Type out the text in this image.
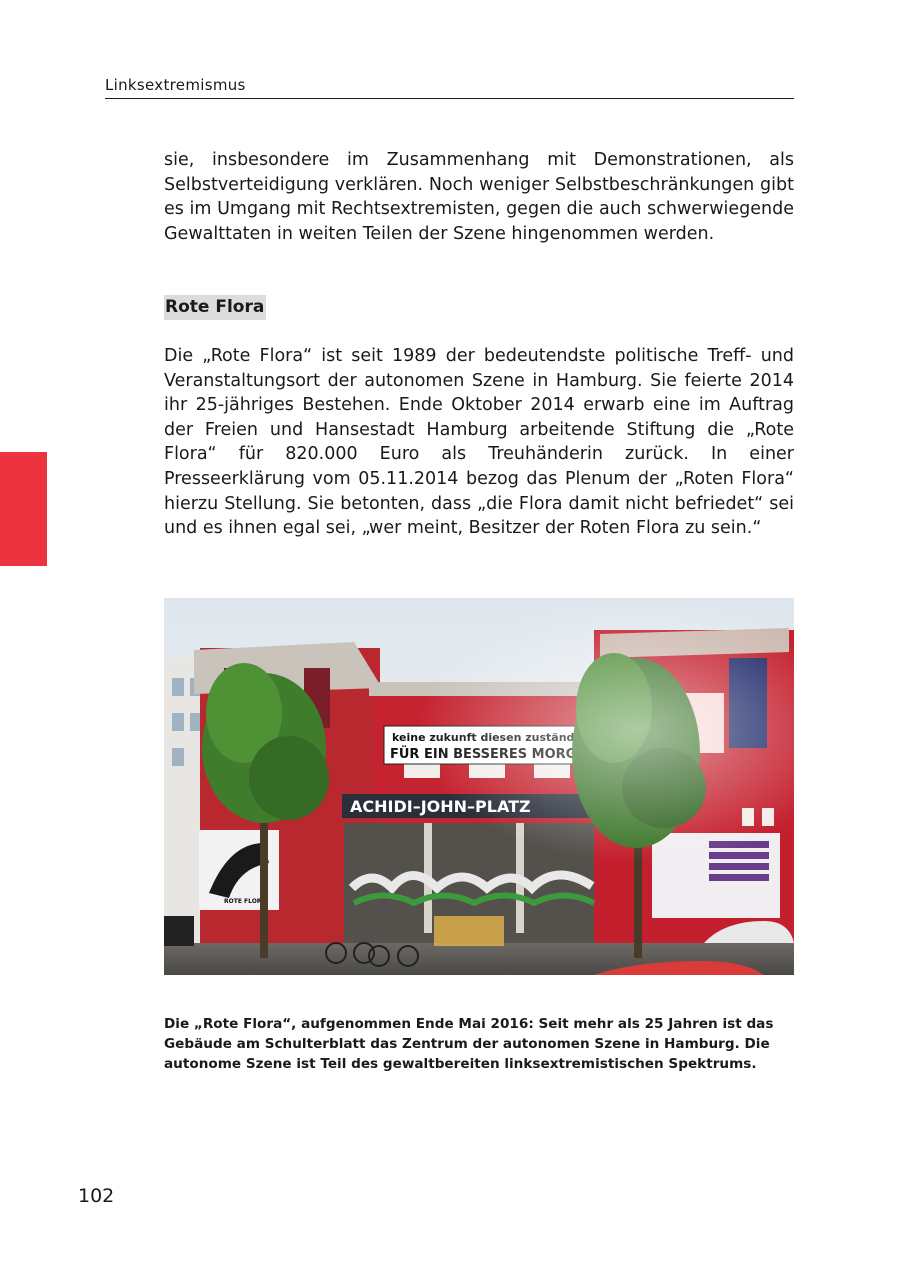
Linksextremismus

sie, insbesondere im Zusammenhang mit Demonstrationen, als Selbstverteidigung verklären. Noch weniger Selbstbeschränkungen gibt es im Umgang mit Rechtsextremisten, gegen die auch schwerwiegende Gewalttaten in weiten Teilen der Szene hingenommen werden.

Rote Flora

Die „Rote Flora“ ist seit 1989 der bedeutendste politische Treff- und Veranstaltungsort der autonomen Szene in Hamburg. Sie feierte 2014 ihr 25-jähriges Bestehen. Ende Oktober 2014 erwarb eine im Auftrag der Freien und Hansestadt Hamburg arbeitende Stiftung die „Rote Flora“ für 820.000 Euro als Treuhänderin zurück. In einer Presseerklärung vom 05.11.2014 bezog das Plenum der „Roten Flora“ hierzu Stellung. Sie betonten, dass „die Flora damit nicht befriedet“ sei und es ihnen egal sei, „wer meint, Besitzer der Roten Flora zu sein.“

Die „Rote Flora“, aufgenommen Ende Mai 2016: Seit mehr als 25 Jahren ist das Gebäude am Schulterblatt das Zentrum der autonomen Szene in Hamburg. Die autonome Szene ist Teil des gewaltbereiten linksextremistischen Spektrums.

102
